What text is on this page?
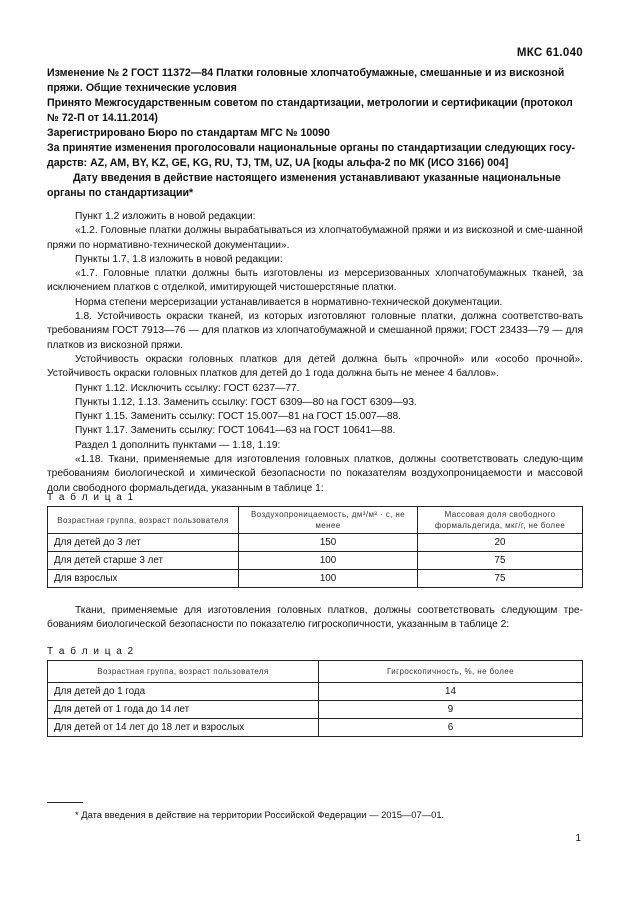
МКС 61.040
Изменение № 2 ГОСТ 11372—84 Платки головные хлопчатобумажные, смешанные и из вискозной пряжи. Общие технические условия
Принято Межгосударственным советом по стандартизации, метрологии и сертификации (протокол № 72-П от 14.11.2014)
Зарегистрировано Бюро по стандартам МГС № 10090
За принятие изменения проголосовали национальные органы по стандартизации следующих госу-дарств: AZ, AM, BY, KZ, GE, KG, RU, TJ, TM, UZ, UA [коды альфа-2 по МК (ИСО 3166) 004]
Дату введения в действие настоящего изменения устанавливают указанные национальные органы по стандартизации*

Пункт 1.2 изложить в новой редакции:

«1.2. Головные платки должны вырабатываться из хлопчатобумажной пряжи и из вискозной и сме-шанной пряжи по нормативно-технической документации».

Пункты 1.7, 1.8 изложить в новой редакции:

«1.7. Головные платки должны быть изготовлены из мерсеризованных хлопчатобумажных тканей, за исключением платков с отделкой, имитирующей чистошерстяные платки.

Норма степени мерсеризации устанавливается в нормативно-технической документации.

1.8. Устойчивость окраски тканей, из которых изготовляют головные платки, должна соответство-вать требованиям ГОСТ 7913—76 — для платков из хлопчатобумажной и смешанной пряжи; ГОСТ 23433—79 — для платков из вискозной пряжи.

Устойчивость окраски головных платков для детей должна быть «прочной» или «особо прочной». Устойчивость окраски головных платков для детей до 1 года должна быть не менее 4 баллов».

Пункт 1.12. Исключить ссылку: ГОСТ 6237—77.

Пункты 1.12, 1.13. Заменить ссылку: ГОСТ 6309—80 на ГОСТ 6309—93.

Пункт 1.15. Заменить ссылку: ГОСТ 15.007—81 на ГОСТ 15.007—88.

Пункт 1.17. Заменить ссылку: ГОСТ 10641—63 на ГОСТ 10641—88.

Раздел 1 дополнить пунктами — 1.18, 1.19:

«1.18. Ткани, применяемые для изготовления головных платков, должны соответствовать следую-щим требованиям биологической и химической безопасности по показателям воздухопроницаемости и массовой доли свободного формальдегида, указанным в таблице 1:

Т а б л и ц а 1
Возрастная группа, возраст пользователя	Воздухопроницаемость, дм³/м² · с, не менее	Массовая доля свободного формальдегида, мкг/г, не более
Для детей до 3 лет	150	20
Для детей старше 3 лет	100	75
Для взрослых	100	75
Ткани, применяемые для изготовления головных платков, должны соответствовать следующим тре-бованиям биологической безопасности по показателю гигроскопичности, указанным в таблице 2:
Т а б л и ц а 2
Возрастная группа, возраст пользователя	Гигроскопичность, %, не более
Для детей до 1 года	14
Для детей от 1 года до 14 лет	9
Для детей от 14 лет до 18 лет и взрослых	6
* Дата введения в действие на территории Российской Федерации — 2015—07—01.
1
